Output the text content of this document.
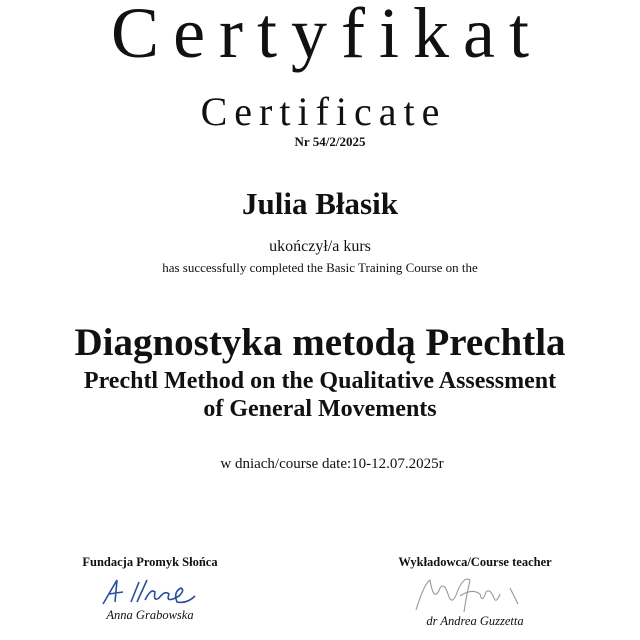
Certyfikat
Certificate
Nr 54/2/2025
Julia Błasik
ukończył/a kurs
has successfully completed the Basic Training Course on the
Diagnostyka metodą Prechtla
Prechtl Method on the Qualitative Assessment
of General Movements
w dniach/course date:10-12.07.2025r
Fundacja Promyk Słońca
Anna Grabowska
Wykładowca/Course teacher
dr Andrea Guzzetta
